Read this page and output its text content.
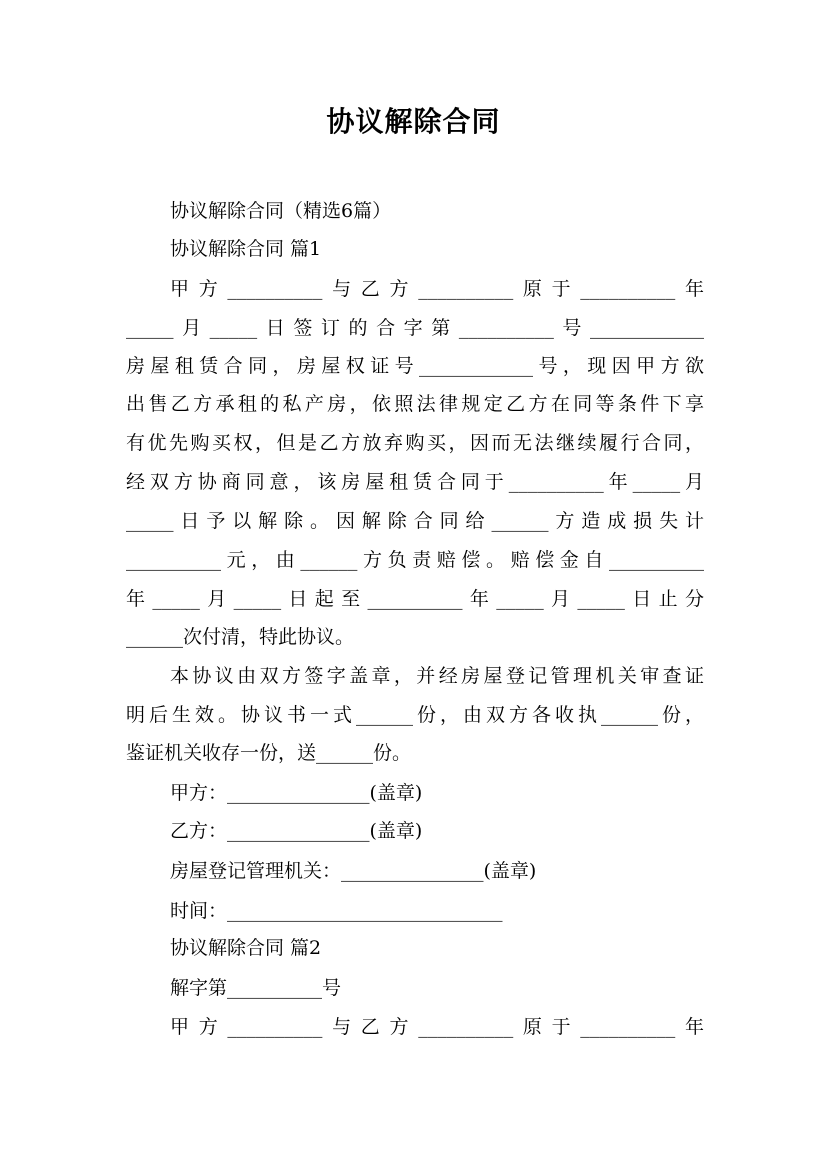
协议解除合同
协议解除合同（精选6篇）
协议解除合同 篇1
甲方__________与乙方__________原于__________年
_____月_____日签订的合字第__________号____________
房屋租赁合同，房屋权证号____________号，现因甲方欲
出售乙方承租的私产房，依照法律规定乙方在同等条件下享
有优先购买权，但是乙方放弃购买，因而无法继续履行合同，
经双方协商同意，该房屋租赁合同于__________年_____月
_____日予以解除。因解除合同给______方造成损失计
__________元，由______方负责赔偿。赔偿金自__________
年_____月_____日起至__________年_____月_____日止分
______次付清，特此协议。
本协议由双方签字盖章，并经房屋登记管理机关审查证
明后生效。协议书一式______份，由双方各收执______份，
鉴证机关收存一份，送______份。
甲方：_______________(盖章)
乙方：_______________(盖章)
房屋登记管理机关：_______________(盖章)
时间：_____________________________
协议解除合同 篇2
解字第__________号
甲方__________与乙方__________原于__________年
